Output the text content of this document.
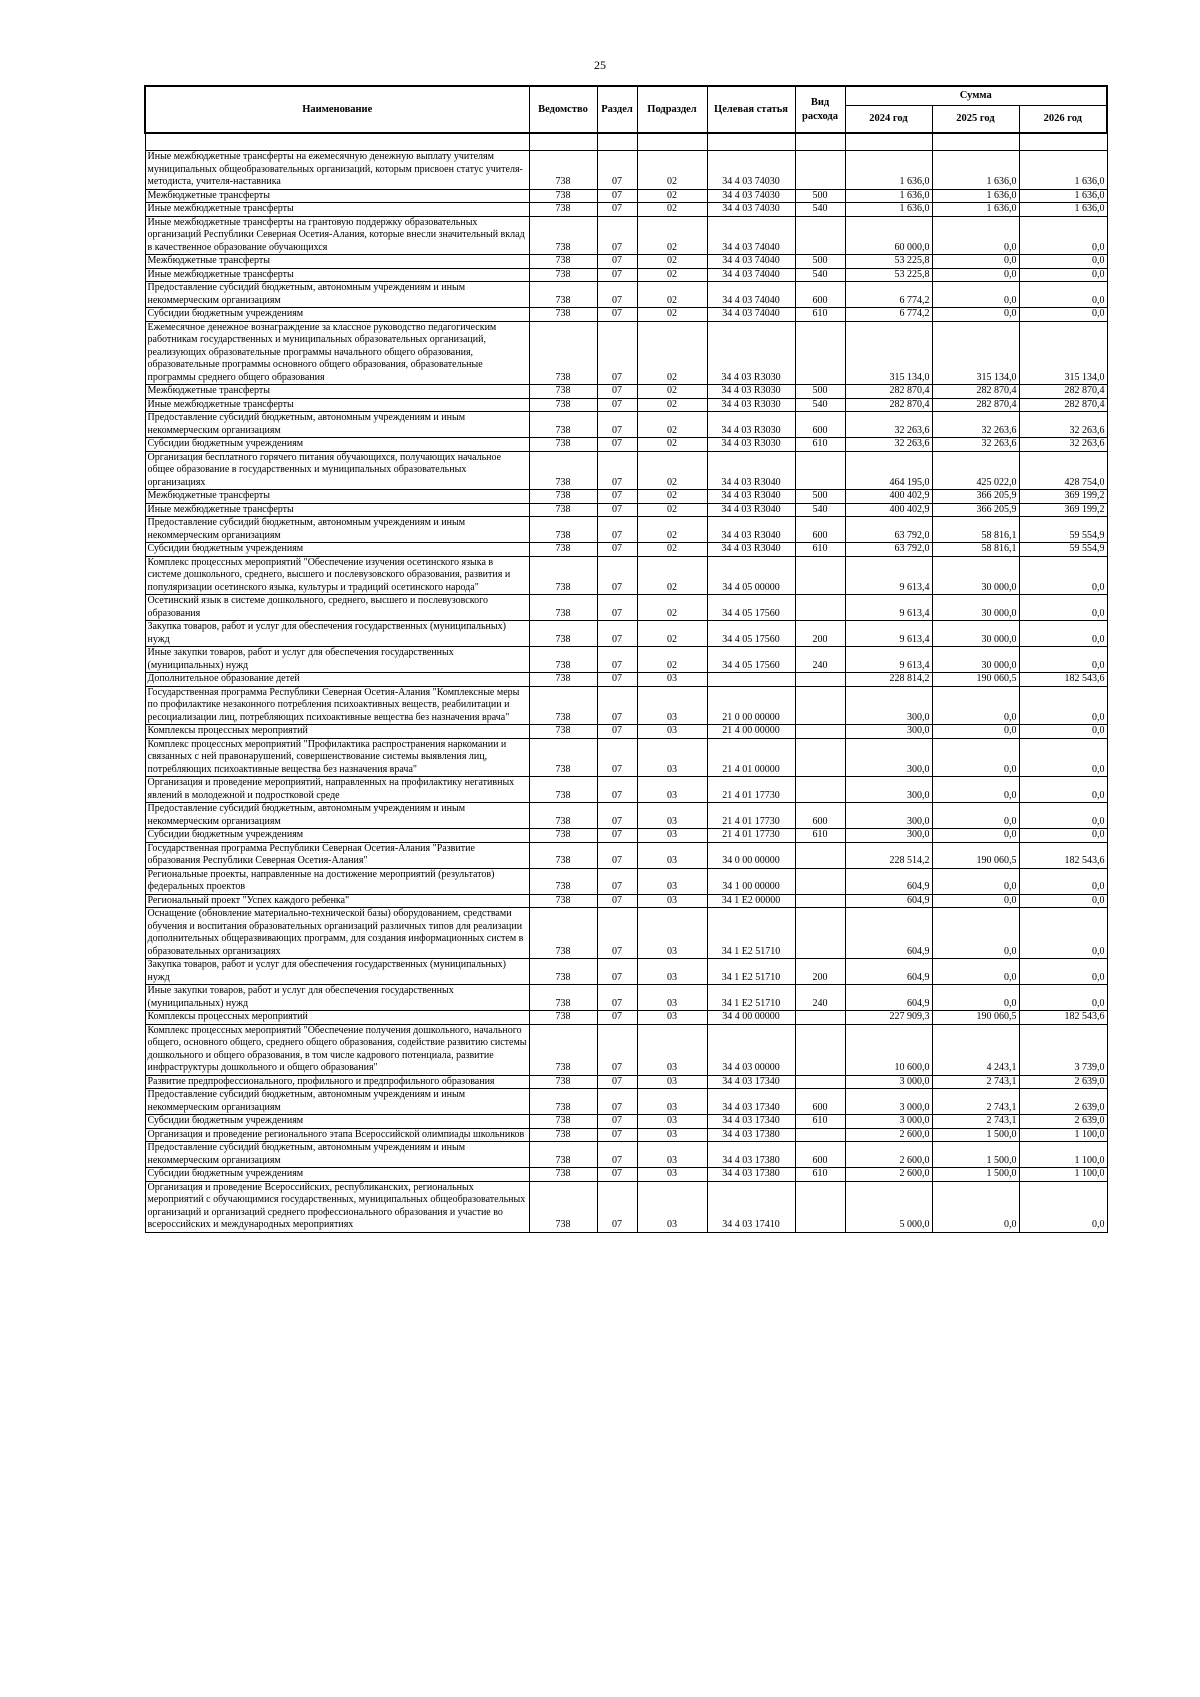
25
Наименование	Ведомство	Раздел	Подраздел	Целевая статья	Вид расхода	Сумма		
						2024 год	2025 год	2026 год

Иные межбюджетные трансферты на ежемесячную денежную выплату учителям муниципальных общеобразовательных организаций, которым присвоен статус учителя-методиста, учителя-наставника	738	07	02	34 4 03 74030		1 636,0	1 636,0	1 636,0
Межбюджетные трансферты	738	07	02	34 4 03 74030	500	1 636,0	1 636,0	1 636,0
Иные межбюджетные трансферты	738	07	02	34 4 03 74030	540	1 636,0	1 636,0	1 636,0
Иные межбюджетные трансферты на грантовую поддержку образовательных организаций Республики Северная Осетия-Алания, которые внесли значительный вклад в качественное образование обучающихся	738	07	02	34 4 03 74040		60 000,0	0,0	0,0
Межбюджетные трансферты	738	07	02	34 4 03 74040	500	53 225,8	0,0	0,0
Иные межбюджетные трансферты	738	07	02	34 4 03 74040	540	53 225,8	0,0	0,0
Предоставление субсидий бюджетным, автономным учреждениям и иным некоммерческим организациям	738	07	02	34 4 03 74040	600	6 774,2	0,0	0,0
Субсидии бюджетным учреждениям	738	07	02	34 4 03 74040	610	6 774,2	0,0	0,0
Ежемесячное денежное вознаграждение за классное руководство педагогическим работникам государственных и муниципальных образовательных организаций, реализующих образовательные программы начального общего образования, образовательные программы основного общего образования, образовательные программы среднего общего образования	738	07	02	34 4 03 R3030		315 134,0	315 134,0	315 134,0
Межбюджетные трансферты	738	07	02	34 4 03 R3030	500	282 870,4	282 870,4	282 870,4
Иные межбюджетные трансферты	738	07	02	34 4 03 R3030	540	282 870,4	282 870,4	282 870,4
Предоставление субсидий бюджетным, автономным учреждениям и иным некоммерческим организациям	738	07	02	34 4 03 R3030	600	32 263,6	32 263,6	32 263,6
Субсидии бюджетным учреждениям	738	07	02	34 4 03 R3030	610	32 263,6	32 263,6	32 263,6
Организация бесплатного горячего питания обучающихся, получающих начальное общее образование в государственных и муниципальных образовательных организациях	738	07	02	34 4 03 R3040		464 195,0	425 022,0	428 754,0
Межбюджетные трансферты	738	07	02	34 4 03 R3040	500	400 402,9	366 205,9	369 199,2
Иные межбюджетные трансферты	738	07	02	34 4 03 R3040	540	400 402,9	366 205,9	369 199,2
Предоставление субсидий бюджетным, автономным учреждениям и иным некоммерческим организациям	738	07	02	34 4 03 R3040	600	63 792,0	58 816,1	59 554,9
Субсидии бюджетным учреждениям	738	07	02	34 4 03 R3040	610	63 792,0	58 816,1	59 554,9
Комплекс процессных мероприятий "Обеспечение изучения осетинского языка в системе дошкольного, среднего, высшего и послевузовского образования, развития и популяризации осетинского языка, культуры и традиций осетинского народа"	738	07	02	34 4 05 00000		9 613,4	30 000,0	0,0
Осетинский язык в системе дошкольного, среднего, высшего и послевузовского образования	738	07	02	34 4 05 17560		9 613,4	30 000,0	0,0
Закупка товаров, работ и услуг для обеспечения государственных (муниципальных) нужд	738	07	02	34 4 05 17560	200	9 613,4	30 000,0	0,0
Иные закупки товаров, работ и услуг для обеспечения государственных (муниципальных) нужд	738	07	02	34 4 05 17560	240	9 613,4	30 000,0	0,0
Дополнительное образование детей	738	07	03			228 814,2	190 060,5	182 543,6
Государственная программа Республики Северная Осетия-Алания "Комплексные меры по профилактике незаконного потребления психоактивных веществ, реабилитации и ресоциализации лиц, потребляющих психоактивные вещества без назначения врача"	738	07	03	21 0 00 00000		300,0	0,0	0,0
Комплексы процессных мероприятий	738	07	03	21 4 00 00000		300,0	0,0	0,0
Комплекс процессных мероприятий "Профилактика распространения наркомании и связанных с ней правонарушений, совершенствование системы выявления лиц, потребляющих психоактивные вещества без назначения врача"	738	07	03	21 4 01 00000		300,0	0,0	0,0
Организация и проведение мероприятий, направленных на профилактику негативных явлений в молодежной и подростковой среде	738	07	03	21 4 01 17730		300,0	0,0	0,0
Предоставление субсидий бюджетным, автономным учреждениям и иным некоммерческим организациям	738	07	03	21 4 01 17730	600	300,0	0,0	0,0
Субсидии бюджетным учреждениям	738	07	03	21 4 01 17730	610	300,0	0,0	0,0
Государственная программа Республики Северная Осетия-Алания "Развитие образования Республики Северная Осетия-Алания"	738	07	03	34 0 00 00000		228 514,2	190 060,5	182 543,6
Региональные проекты, направленные на достижение мероприятий (результатов) федеральных проектов	738	07	03	34 1 00 00000		604,9	0,0	0,0
Региональный проект "Успех каждого ребенка"	738	07	03	34 1 E2 00000		604,9	0,0	0,0
Оснащение (обновление материально-технической базы) оборудованием, средствами обучения и воспитания образовательных организаций различных типов для реализации дополнительных общеразвивающих программ, для создания информационных систем в образовательных организациях	738	07	03	34 1 E2 51710		604,9	0,0	0,0
Закупка товаров, работ и услуг для обеспечения государственных (муниципальных) нужд	738	07	03	34 1 E2 51710	200	604,9	0,0	0,0
Иные закупки товаров, работ и услуг для обеспечения государственных (муниципальных) нужд	738	07	03	34 1 E2 51710	240	604,9	0,0	0,0
Комплексы процессных мероприятий	738	07	03	34 4 00 00000		227 909,3	190 060,5	182 543,6
Комплекс процессных мероприятий "Обеспечение получения дошкольного, начального общего, основного общего, среднего общего образования, содействие развитию системы дошкольного и общего образования, в том числе кадрового потенциала, развитие инфраструктуры дошкольного и общего образования"	738	07	03	34 4 03 00000		10 600,0	4 243,1	3 739,0
Развитие предпрофессионального, профильного и предпрофильного образования	738	07	03	34 4 03 17340		3 000,0	2 743,1	2 639,0
Предоставление субсидий бюджетным, автономным учреждениям и иным некоммерческим организациям	738	07	03	34 4 03 17340	600	3 000,0	2 743,1	2 639,0
Субсидии бюджетным учреждениям	738	07	03	34 4 03 17340	610	3 000,0	2 743,1	2 639,0
Организация и проведение регионального этапа Всероссийской олимпиады школьников	738	07	03	34 4 03 17380		2 600,0	1 500,0	1 100,0
Предоставление субсидий бюджетным, автономным учреждениям и иным некоммерческим организациям	738	07	03	34 4 03 17380	600	2 600,0	1 500,0	1 100,0
Субсидии бюджетным учреждениям	738	07	03	34 4 03 17380	610	2 600,0	1 500,0	1 100,0
Организация и проведение Всероссийских, республиканских, региональных мероприятий с обучающимися государственных, муниципальных общеобразовательных организаций и организаций среднего профессионального образования и участие во всероссийских и международных мероприятиях	738	07	03	34 4 03 17410		5 000,0	0,0	0,0
